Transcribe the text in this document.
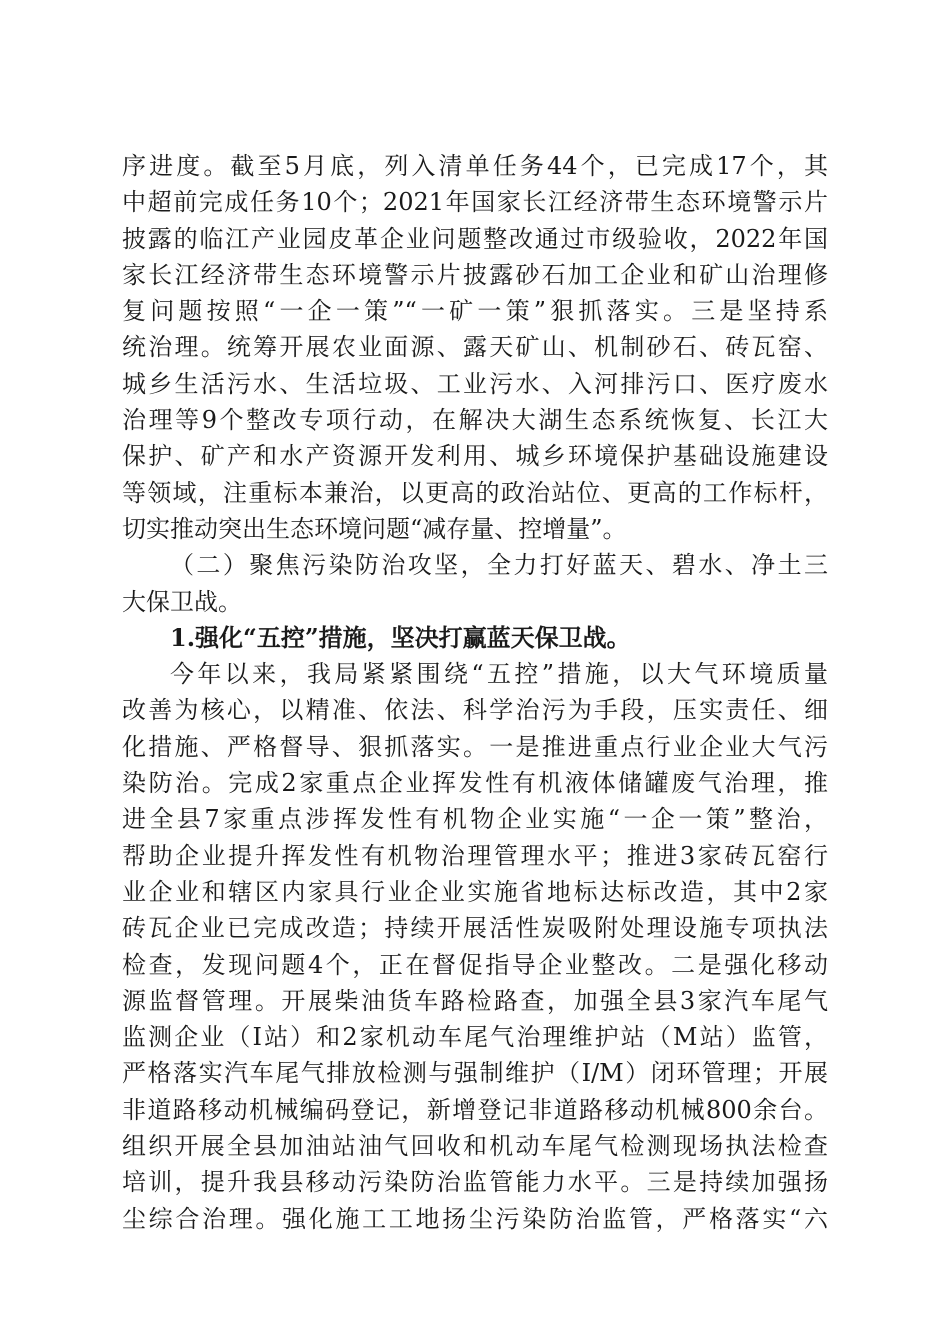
序进度。截至5月底，列入清单任务44个，已完成17个，其
中超前完成任务10个；2021年国家长江经济带生态环境警示片
披露的临江产业园皮革企业问题整改通过市级验收，2022年国
家长江经济带生态环境警示片披露砂石加工企业和矿山治理修
复问题按照“一企一策”“一矿一策”狠抓落实。三是坚持系
统治理。统筹开展农业面源、露天矿山、机制砂石、砖瓦窑、
城乡生活污水、生活垃圾、工业污水、入河排污口、医疗废水
治理等9个整改专项行动，在解决大湖生态系统恢复、长江大
保护、矿产和水产资源开发利用、城乡环境保护基础设施建设
等领域，注重标本兼治，以更高的政治站位、更高的工作标杆，
切实推动突出生态环境问题“减存量、控增量”。
（二）聚焦污染防治攻坚，全力打好蓝天、碧水、净土三
大保卫战。
1.强化“五控”措施，坚决打赢蓝天保卫战。
今年以来，我局紧紧围绕“五控”措施，以大气环境质量
改善为核心，以精准、依法、科学治污为手段，压实责任、细
化措施、严格督导、狠抓落实。一是推进重点行业企业大气污
染防治。完成2家重点企业挥发性有机液体储罐废气治理，推
进全县7家重点涉挥发性有机物企业实施“一企一策”整治，
帮助企业提升挥发性有机物治理管理水平；推进3家砖瓦窑行
业企业和辖区内家具行业企业实施省地标达标改造，其中2家
砖瓦企业已完成改造；持续开展活性炭吸附处理设施专项执法
检查，发现问题4个，正在督促指导企业整改。二是强化移动
源监督管理。开展柴油货车路检路查，加强全县3家汽车尾气
监测企业（I站）和2家机动车尾气治理维护站（M站）监管，
严格落实汽车尾气排放检测与强制维护（I/M）闭环管理；开展
非道路移动机械编码登记，新增登记非道路移动机械800余台。
组织开展全县加油站油气回收和机动车尾气检测现场执法检查
培训，提升我县移动污染防治监管能力水平。三是持续加强扬
尘综合治理。强化施工工地扬尘污染防治监管，严格落实“六
